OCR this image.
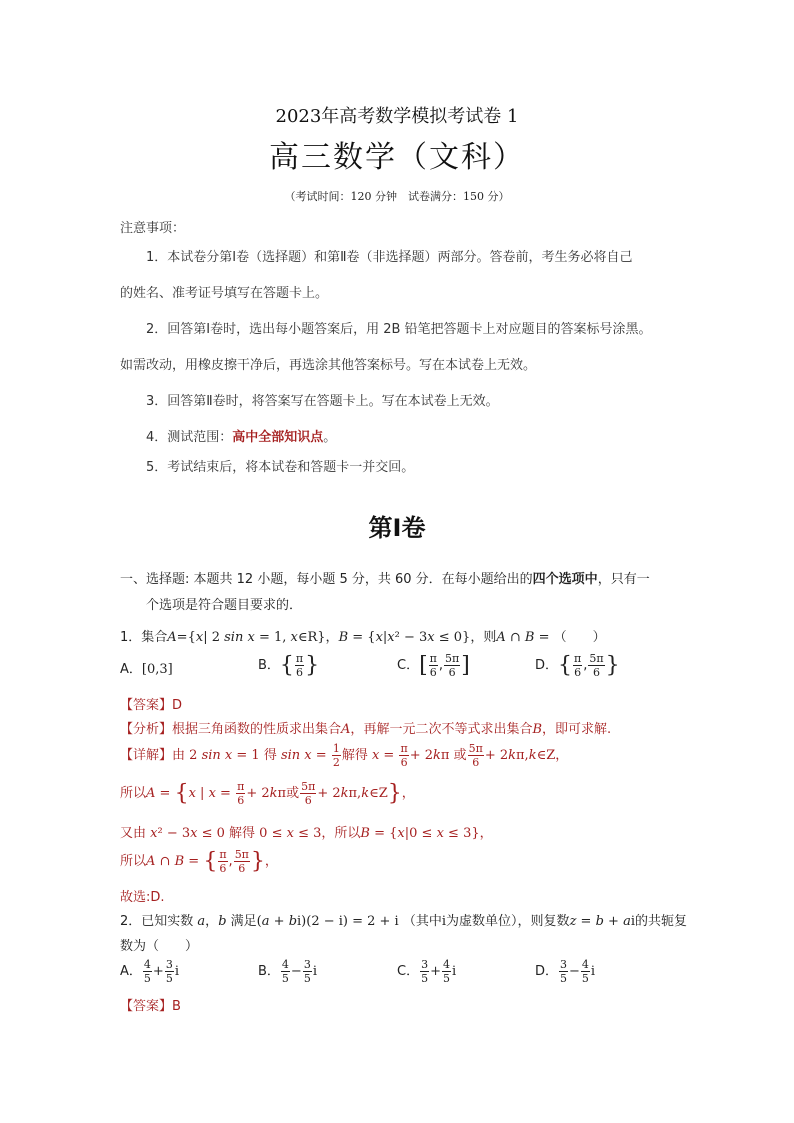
2023年高考数学模拟考试卷 1
高三数学（文科）
（考试时间：120 分钟　试卷满分：150 分）
注意事项：
1．本试卷分第Ⅰ卷（选择题）和第Ⅱ卷（非选择题）两部分。答卷前，考生务必将自己
的姓名、准考证号填写在答题卡上。
2．回答第Ⅰ卷时，选出每小题答案后，用 2B 铅笔把答题卡上对应题目的答案标号涂黑。
如需改动，用橡皮擦干净后，再选涂其他答案标号。写在本试卷上无效。
3．回答第Ⅱ卷时，将答案写在答题卡上。写在本试卷上无效。
4．测试范围：高中全部知识点。
5．考试结束后，将本试卷和答题卡一并交回。
第Ⅰ卷
一、选择题: 本题共 12 小题，每小题 5 分，共 60 分．在每小题给出的四个选项中，只有一
个选项是符合题目要求的．
1．集合A={x| 2 sin x = 1, x∈R}，B = {x|x² − 3x ≤ 0}，则A ∩ B = （　　）
A．[0,3]	B．{ $\frac{\pi}{6}$ }	C．[ $\frac{\pi}{6}$ , $\frac{5\pi}{6}$ ]	D．{ $\frac{\pi}{6}$ , $\frac{5\pi}{6}$ }
【答案】D
【分析】根据三角函数的性质求出集合A，再解一元二次不等式求出集合B，即可求解.
【详解】由 2 sin x = 1 得 $\sin x = \frac{1}{2}$ 解得 $x = \frac{\pi}{6} + 2k\pi$ 或 $\frac{5\pi}{6}$ + 2kπ,k∈Z，
所以A = {x | $x = \frac{\pi}{6} + 2k\pi$或 $\frac{5\pi}{6}$ + 2kπ,k∈Z}，
又由 x² − 3x ≤ 0 解得 0 ≤ x ≤ 3，所以B = {x|0 ≤ x ≤ 3}，
所以A ∩ B = { $\frac{\pi}{6}$ , $\frac{5\pi}{6}$ }，
故选:D.
2．已知实数 a，b 满足(a + bi)(2 − i) = 2 + i （其中i为虚数单位），则复数z = b + ai的共轭复
数为（　　）
A． $\frac{4}{5} + \frac{3}{5}$ i	B． $\frac{4}{5} - \frac{3}{5}$ i	C． $\frac{3}{5} + \frac{4}{5}$ i	D． $\frac{3}{5} - \frac{4}{5}$ i
【答案】B
